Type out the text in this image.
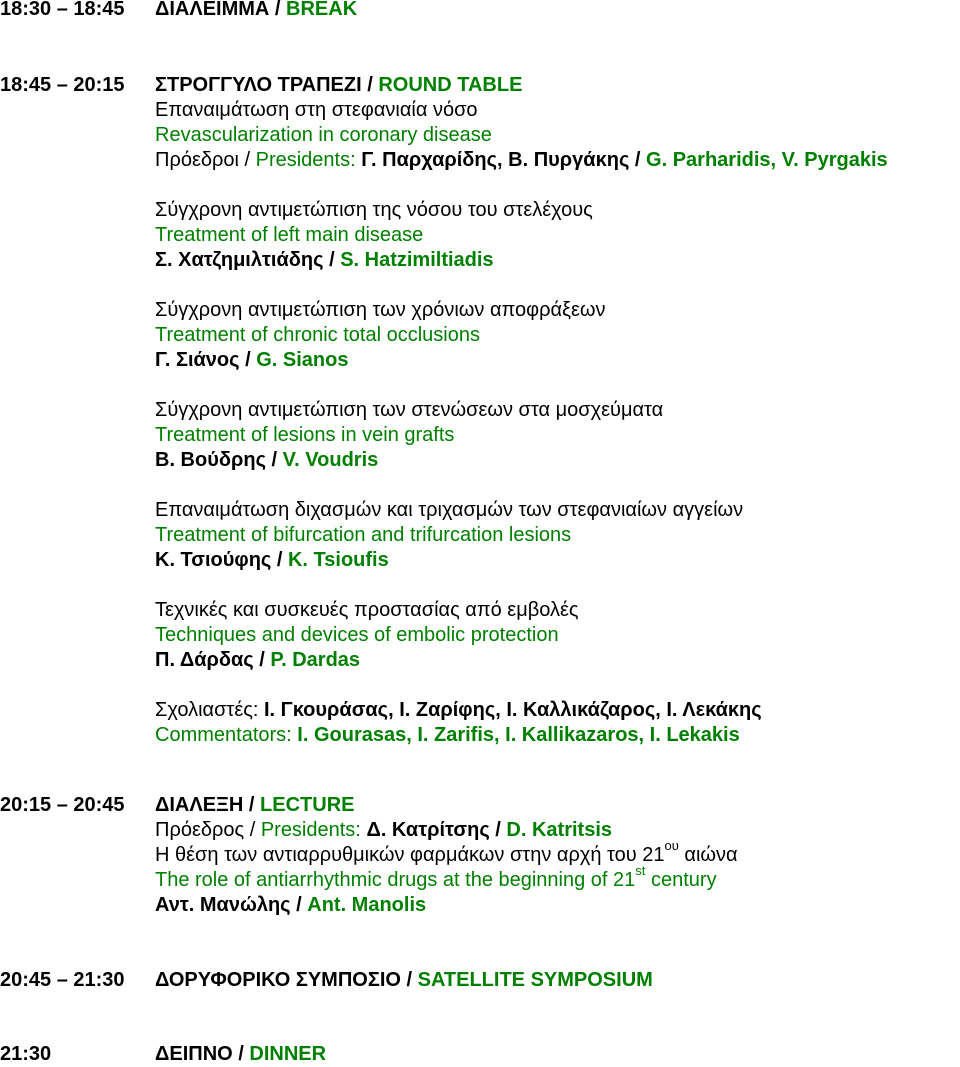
18:30 – 18:45 ΔΙΑΛΕΙΜΜΑ / BREAK
18:45 – 20:15 ΣΤΡΟΓΓΥΛΟ ΤΡΑΠΕΖΙ / ROUND TABLE
Επαναιμάτωση στη στεφανιαία νόσο
Revascularization in coronary disease
Πρόεδροι / Presidents: Γ. Παρχαρίδης, Β. Πυργάκης / G. Parharidis, V. Pyrgakis
Σύγχρονη αντιμετώπιση της νόσου του στελέχους
Treatment of left main disease
Σ. Χατζημιλτιάδης / S. Hatzimiltiadis
Σύγχρονη αντιμετώπιση των χρόνιων αποφράξεων
Treatment of chronic total occlusions
Γ. Σιάνος / G. Sianos
Σύγχρονη αντιμετώπιση των στενώσεων στα μοσχεύματα
Treatment of lesions in vein grafts
Β. Βούδρης / V. Voudris
Επαναιμάτωση διχασμών και τριχασμών των στεφανιαίων αγγείων
Treatment of bifurcation and trifurcation lesions
Κ. Τσιούφης / K. Tsioufis
Τεχνικές και συσκευές προστασίας από εμβολές
Techniques and devices of embolic protection
Π. Δάρδας / P. Dardas
Σχολιαστές: Ι. Γκουράσας, Ι. Ζαρίφης, Ι. Καλλικάζαρος, Ι. Λεκάκης
Commentators: I. Gourasas, I. Zarifis, I. Kallikazaros, I. Lekakis
20:15 – 20:45 ΔΙΑΛΕΞΗ / LECTURE
Πρόεδρος / Presidents: Δ. Κατρίτσης / D. Katritsis
Η θέση των αντιαρρυθμικών φαρμάκων στην αρχή του $21^{o\upsilon}$ αιώνα
The role of antiarrhythmic drugs at the beginning of 21st century
Αντ. Μανώλης / Ant. Manolis
20:45 – 21:30 ΔΟΡΥΦΟΡΙΚΟ ΣΥΜΠΟΣΙΟ / SATELLITE SYMPOSIUM
21:30	ΔΕΙΠΝΟ / DINNER
